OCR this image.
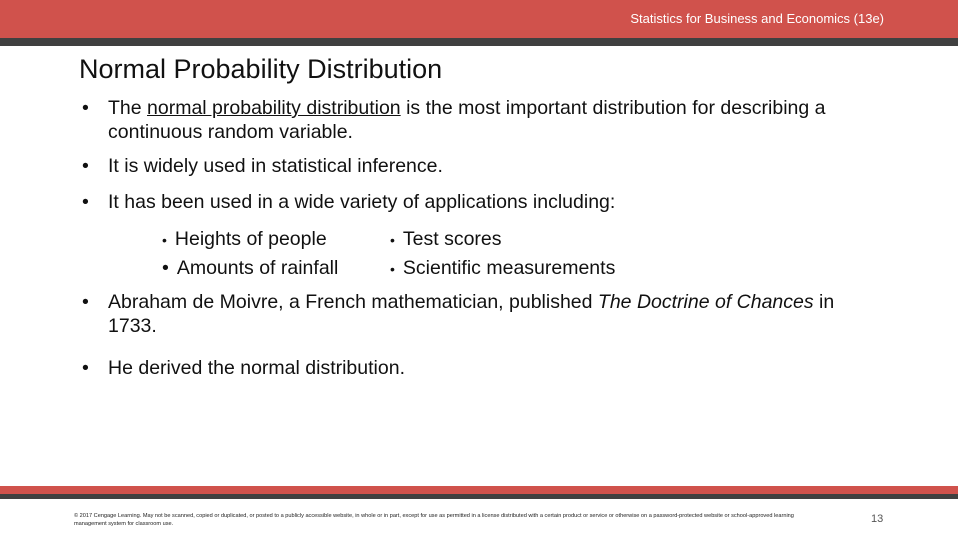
Statistics for Business and Economics (13e)
Normal Probability Distribution
• The normal probability distribution is the most important distribution for describing a continuous random variable.
• It is widely used in statistical inference.
• It has been used in a wide variety of applications including:
• Heights of people	• Test scores
• Amounts of rainfall	• Scientific measurements
• Abraham de Moivre, a French mathematician, published The Doctrine of Chances in 1733.
• He derived the normal distribution.
© 2017 Cengage Learning. May not be scanned, copied or duplicated, or posted to a publicly accessible website, in whole or in part, except for use as permitted in a license distributed with a certain product or service or otherwise on a password-protected website or school-approved learning management system for classroom use.	13
